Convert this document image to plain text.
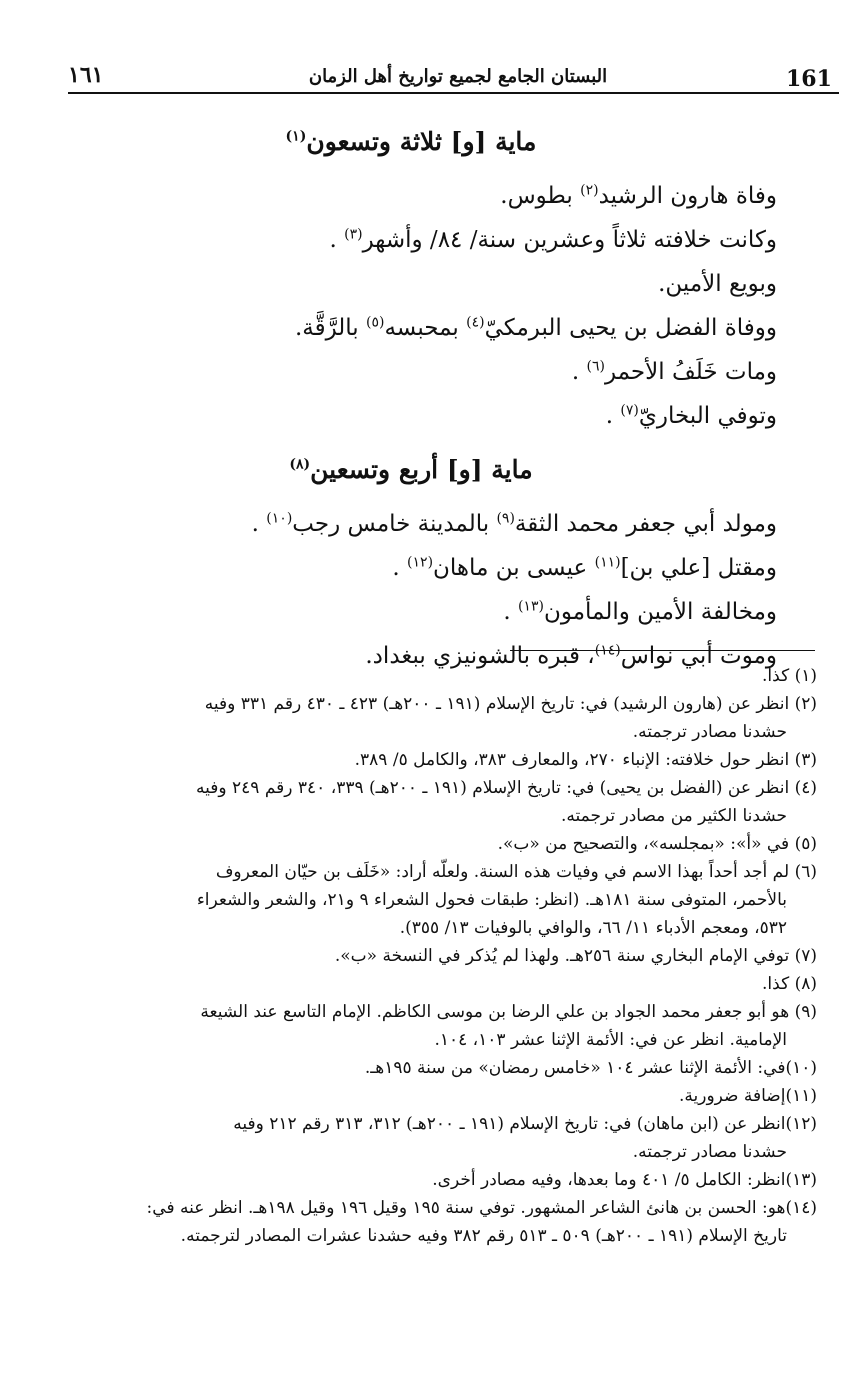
١٦١	البستان الجامع لجميع تواريخ أهل الزمان	161
ماية [و] ثلاثة وتسعون$^{(١)}$
وفاة هارون الرشيد$^{(٢)}$ بطوس.
وكانت خلافته ثلاثاً وعشرين سنة/ ٨٤/ وأشهر$^{(٣)}$ .
وبويع الأمين.
ووفاة الفضل بن يحيى البرمكيّ$^{(٤)}$ بمحبسه$^{(٥)}$ بالرَّقَّة.
ومات خَلَفُ الأحمر$^{(٦)}$ .
وتوفي البخاريّ$^{(٧)}$ .
ماية [و] أربع وتسعين$^{(٨)}$
ومولد أبي جعفر محمد الثقة$^{(٩)}$ بالمدينة خامس رجب$^{(١٠)}$ .
ومقتل [علي بن]$^{(١١)}$ عيسى بن ماهان$^{(١٢)}$ .
ومخالفة الأمين والمأمون$^{(١٣)}$ .
وموت أبي نواس$^{(١٤)}$، قبره بالشونيزي ببغداد.
(١) كذا.
(٢) انظر عن (هارون الرشيد) في: تاريخ الإسلام (١٩١ ـ ٢٠٠هـ) ٤٢٣ ـ ٤٣٠ رقم ٣٣١ وفيه
حشدنا مصادر ترجمته.
(٣) انظر حول خلافته: الإنباء ٢٧٠، والمعارف ٣٨٣، والكامل ٥/ ٣٨٩.
(٤) انظر عن (الفضل بن يحيى) في: تاريخ الإسلام (١٩١ ـ ٢٠٠هـ) ٣٣٩، ٣٤٠ رقم ٢٤٩ وفيه
حشدنا الكثير من مصادر ترجمته.
(٥) في «أ»: «بمجلسه»، والتصحيح من «ب».
(٦) لم أجد أحداً بهذا الاسم في وفيات هذه السنة. ولعلّه أراد: «خَلَف بن حيّان المعروف
بالأحمر، المتوفى سنة ١٨١هـ. (انظر: طبقات فحول الشعراء ٩ و٢١، والشعر والشعراء
٥٣٢، ومعجم الأدباء ١١/ ٦٦، والوافي بالوفيات ١٣/ ٣٥٥).
(٧) توفي الإمام البخاري سنة ٢٥٦هـ. ولهذا لم يُذكر في النسخة «ب».
(٨) كذا.
(٩) هو أبو جعفر محمد الجواد بن علي الرضا بن موسى الكاظم. الإمام التاسع عند الشيعة
الإمامية. انظر عن في: الأئمة الإثنا عشر ١٠٣، ١٠٤.
(١٠)في: الأئمة الإثنا عشر ١٠٤ «خامس رمضان» من سنة ١٩٥هـ.
(١١)إضافة ضرورية.
(١٢)انظر عن (ابن ماهان) في: تاريخ الإسلام (١٩١ ـ ٢٠٠هـ) ٣١٢، ٣١٣ رقم ٢١٢ وفيه
حشدنا مصادر ترجمته.
(١٣)انظر: الكامل ٥/ ٤٠١ وما بعدها، وفيه مصادر أخرى.
(١٤)هو: الحسن بن هانئ الشاعر المشهور. توفي سنة ١٩٥ وقيل ١٩٦ وقيل ١٩٨هـ. انظر عنه في:
تاريخ الإسلام (١٩١ ـ ٢٠٠هـ) ٥٠٩ ـ ٥١٣ رقم ٣٨٢ وفيه حشدنا عشرات المصادر لترجمته.
